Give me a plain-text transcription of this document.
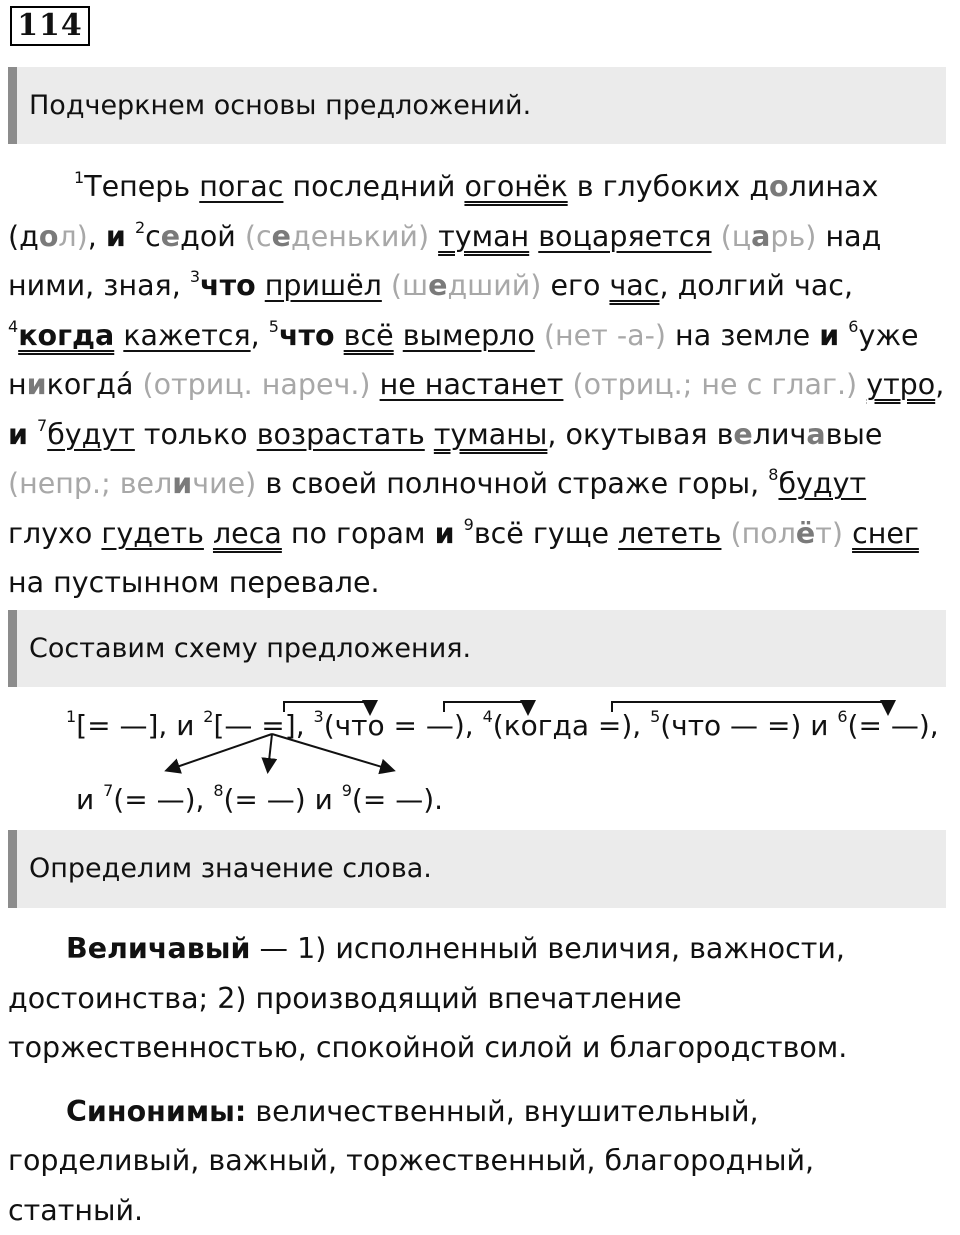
114
Подчеркнем основы предложений.

$^1$Теперь погас последний огонёк в глубоких долинах (дол), и $^2$седой (седенький) туман воцаряется (царь) над ними, зная, $^3$что пришёл (шедший) его час, долгий час, $^4$когда кажется, $^5$что всё вымерло (нет -а-) на земле и $^6$уже никогда́ (отриц. нареч.) не настанет (отриц.; не с глаг.) утро, и $^7$будут только возрастать туманы, окутывая величавые (непр.; величие) в своей полночной страже горы, $^8$будут глухо гудеть леса по горам и $^9$всё гуще лететь (полёт) снег на пустынном перевале.

Составим схему предложения.
$^1$[= —], и $^2$[— =], $^3$(что = —), $^4$(когда =), $^5$(что — =) и $^6$(= —),
и $^7$(= —), $^8$(= —) и $^9$(= —).
Определим значение слова.

Величавый — 1) исполненный величия, важности, достоинства; 2) производящий впечатление торжественностью, спокойной силой и благородством.

Синонимы: величественный, внушительный, горделивый, важный, торжественный, благородный, статный.
